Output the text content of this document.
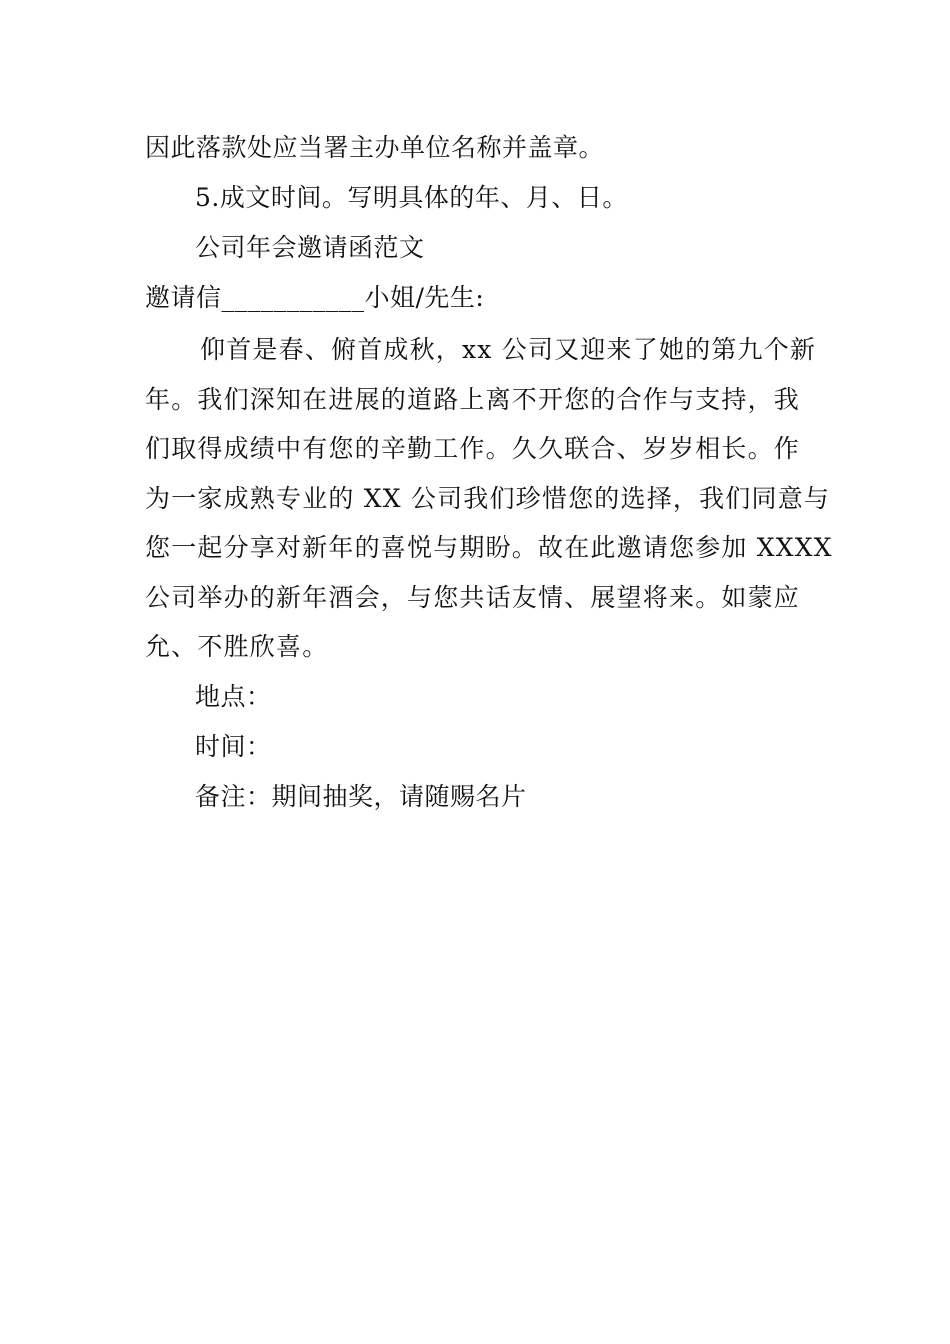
因此落款处应当署主办单位名称并盖章。
5.成文时间。写明具体的年、月、日。
公司年会邀请函范文
邀请信___________小姐/先生:
仰首是春、俯首成秋，xx 公司又迎来了她的第九个新
年。我们深知在进展的道路上离不开您的合作与支持，我
们取得成绩中有您的辛勤工作。久久联合、岁岁相长。作
为一家成熟专业的 XX 公司我们珍惜您的选择，我们同意与
您一起分享对新年的喜悦与期盼。故在此邀请您参加 XXXX
公司举办的新年酒会，与您共话友情、展望将来。如蒙应
允、不胜欣喜。
地点：
时间：
备注：期间抽奖，请随赐名片
